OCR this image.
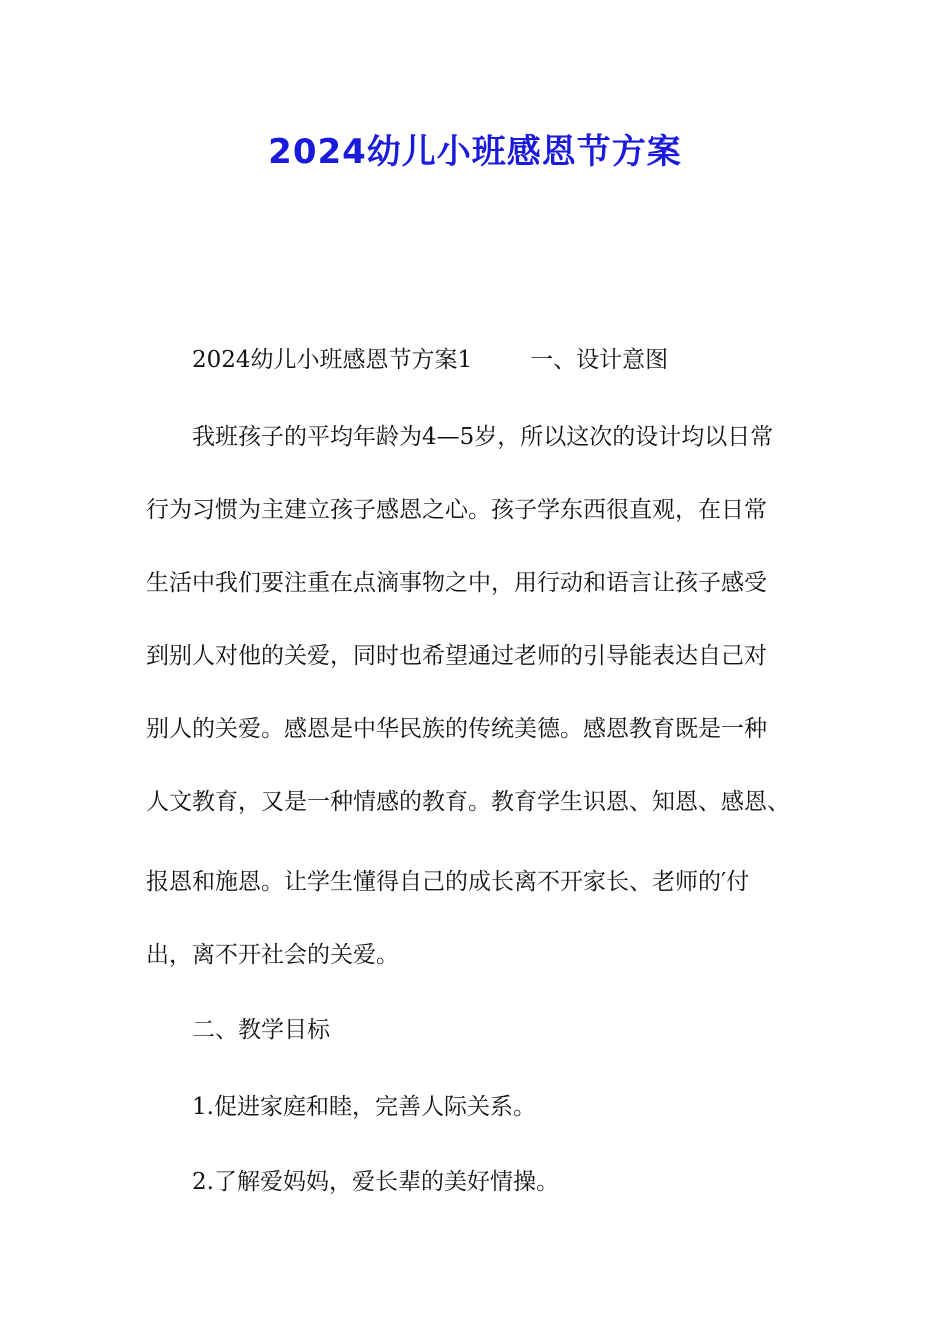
2024幼儿小班感恩节方案

2024幼儿小班感恩节方案1	一、设计意图

我班孩子的平均年龄为4—5岁，所以这次的设计均以日常

行为习惯为主建立孩子感恩之心。孩子学东西很直观，在日常

生活中我们要注重在点滴事物之中，用行动和语言让孩子感受

到别人对他的关爱，同时也希望通过老师的引导能表达自己对

别人的关爱。感恩是中华民族的传统美德。感恩教育既是一种

人文教育，又是一种情感的教育。教育学生识恩、知恩、感恩、

报恩和施恩。让学生懂得自己的成长离不开家长、老师的′付

出，离不开社会的关爱。

二、教学目标

1.促进家庭和睦，完善人际关系。

2.了解爱妈妈，爱长辈的美好情操。
